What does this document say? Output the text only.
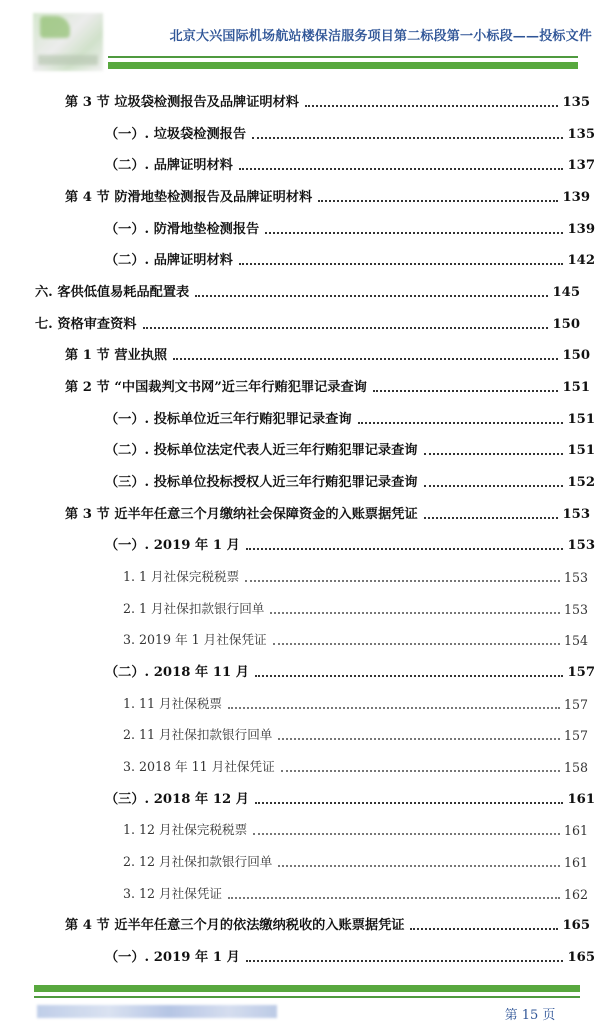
北京大兴国际机场航站楼保洁服务项目第二标段第一小标段——投标文件
第 3 节 垃圾袋检测报告及品牌证明材料	135
（一）. 垃圾袋检测报告	135
（二）. 品牌证明材料	137
第 4 节 防滑地垫检测报告及品牌证明材料	139
（一）. 防滑地垫检测报告	139
（二）. 品牌证明材料	142
六. 客供低值易耗品配置表	145
七. 资格审查资料	150
第 1 节 营业执照	150
第 2 节 “中国裁判文书网”近三年行贿犯罪记录查询	151
（一）. 投标单位近三年行贿犯罪记录查询	151
（二）. 投标单位法定代表人近三年行贿犯罪记录查询	151
（三）. 投标单位投标授权人近三年行贿犯罪记录查询	152
第 3 节 近半年任意三个月缴纳社会保障资金的入账票据凭证	153
（一）. 2019 年 1 月	153
1. 1 月社保完税税票	153
2. 1 月社保扣款银行回单	153
3. 2019 年 1 月社保凭证	154
（二）. 2018 年 11 月	157
1. 11 月社保税票	157
2. 11 月社保扣款银行回单	157
3. 2018 年 11 月社保凭证	158
（三）. 2018 年 12 月	161
1. 12 月社保完税税票	161
2. 12 月社保扣款银行回单	161
3. 12 月社保凭证	162
第 4 节 近半年任意三个月的依法缴纳税收的入账票据凭证	165
（一）. 2019 年 1 月	165
第 15 页
